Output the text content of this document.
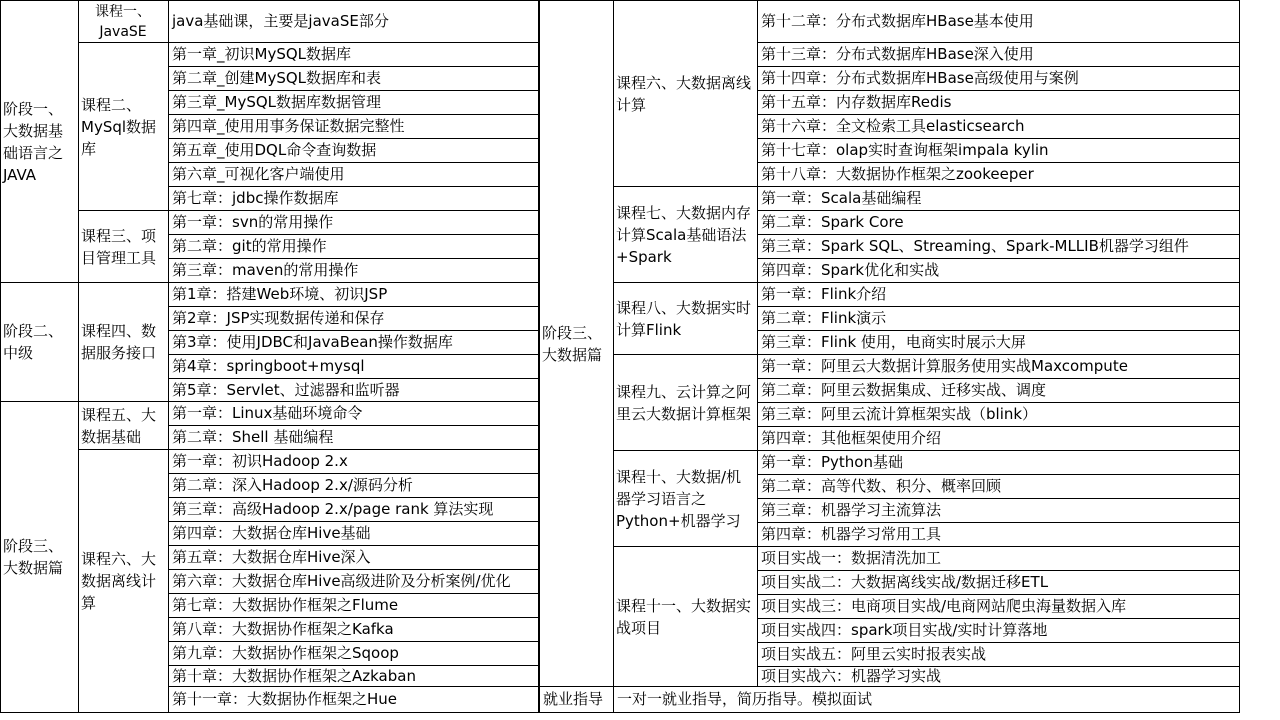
阶段一、大数据基础语言之JAVA
阶段二、中级
阶段三、大数据篇
课程一、JavaSE
课程二、MySql数据库
课程三、项目管理工具
课程四、数据服务接口
课程五、大数据基础
课程六、大数据离线计算
java基础课，主要是javaSE部分
第一章_初识MySQL数据库
第二章_创建MySQL数据库和表
第三章_MySQL数据库数据管理
第四章_使用用事务保证数据完整性
第五章_使用DQL命令查询数据
第六章_可视化客户端使用
第七章：jdbc操作数据库
第一章：svn的常用操作
第二章：git的常用操作
第三章：maven的常用操作
第1章：搭建Web环境、初识JSP
第2章：JSP实现数据传递和保存
第3章：使用JDBC和JavaBean操作数据库
第4章：springboot+mysql
第5章：Servlet、过滤器和监听器
第一章：Linux基础环境命令
第二章：Shell 基础编程
第一章：初识Hadoop 2.x
第二章：深入Hadoop 2.x/源码分析
第三章：高级Hadoop 2.x/page rank 算法实现
第四章：大数据仓库Hive基础
第五章：大数据仓库Hive深入
第六章：大数据仓库Hive高级进阶及分析案例/优化
第七章：大数据协作框架之Flume
第八章：大数据协作框架之Kafka
第九章：大数据协作框架之Sqoop
第十章：大数据协作框架之Azkaban
第十一章：大数据协作框架之Hue
阶段三、大数据篇
就业指导
课程六、大数据离线计算
课程七、大数据内存计算Scala基础语法+Spark
课程八、大数据实时计算Flink
课程九、云计算之阿里云大数据计算框架
课程十、大数据/机器学习语言之Python+机器学习
课程十一、大数据实战项目
一对一就业指导，简历指导。模拟面试
第十二章：分布式数据库HBase基本使用
第十三章：分布式数据库HBase深入使用
第十四章：分布式数据库HBase高级使用与案例
第十五章：内存数据库Redis
第十六章：全文检索工具elasticsearch
第十七章：olap实时查询框架impala kylin
第十八章：大数据协作框架之zookeeper
第一章：Scala基础编程
第二章：Spark Core
第三章：Spark SQL、Streaming、Spark-MLLIB机器学习组件
第四章：Spark优化和实战
第一章：Flink介绍
第二章：Flink演示
第三章：Flink 使用，电商实时展示大屏
第一章：阿里云大数据计算服务使用实战Maxcompute
第二章：阿里云数据集成、迁移实战、调度
第三章：阿里云流计算框架实战（blink）
第四章：其他框架使用介绍
第一章：Python基础
第二章：高等代数、积分、概率回顾
第三章：机器学习主流算法
第四章：机器学习常用工具
项目实战一：数据清洗加工
项目实战二：大数据离线实战/数据迁移ETL
项目实战三：电商项目实战/电商网站爬虫海量数据入库
项目实战四：spark项目实战/实时计算落地
项目实战五：阿里云实时报表实战
项目实战六：机器学习实战
